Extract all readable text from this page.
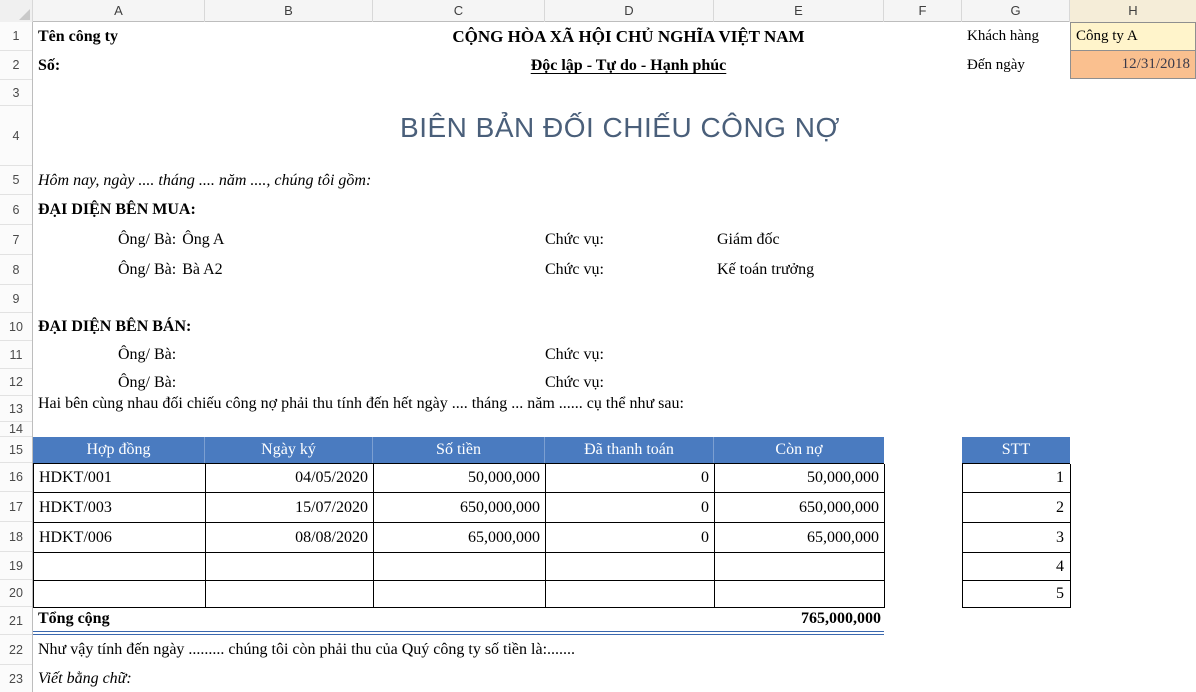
A	B	C	D	E	F	G	H
1
2
3
4
5
6
7
8
9
10
11
12
13
14
15
16
17
18
19
20
21
22
23
Tên công ty	CỘNG HÒA XÃ HỘI CHỦ NGHĨA VIỆT NAM	Khách hàng	Công ty A
Số:	Độc lập - Tự do - Hạnh phúc	Đến ngày	12/31/2018
BIÊN BẢN ĐỐI CHIẾU CÔNG NỢ
Hôm nay, ngày .... tháng .... năm ...., chúng tôi gồm:
ĐẠI DIỆN BÊN MUA:
Ông/ Bà: Ông A	Chức vụ:	Giám đốc
Ông/ Bà: Bà A2	Chức vụ:	Kế toán trưởng
ĐẠI DIỆN BÊN BÁN:
Ông/ Bà:	Chức vụ:
Ông/ Bà:	Chức vụ:
Hai bên cùng nhau đối chiếu công nợ phải thu tính đến hết ngày .... tháng ... năm ...... cụ thể như sau:
Hợp đồng	Ngày ký	Số tiền	Đã thanh toán	Còn nợ
HDKT/001	04/05/2020	50,000,000	0	50,000,000
HDKT/003	15/07/2020	650,000,000	0	650,000,000
HDKT/006	08/08/2020	65,000,000	0	65,000,000
STT
1
2
3
4
5
Tổng cộng	765,000,000
Như vậy tính đến ngày ......... chúng tôi còn phải thu của Quý công ty số tiền là:.......
Viết bằng chữ:
